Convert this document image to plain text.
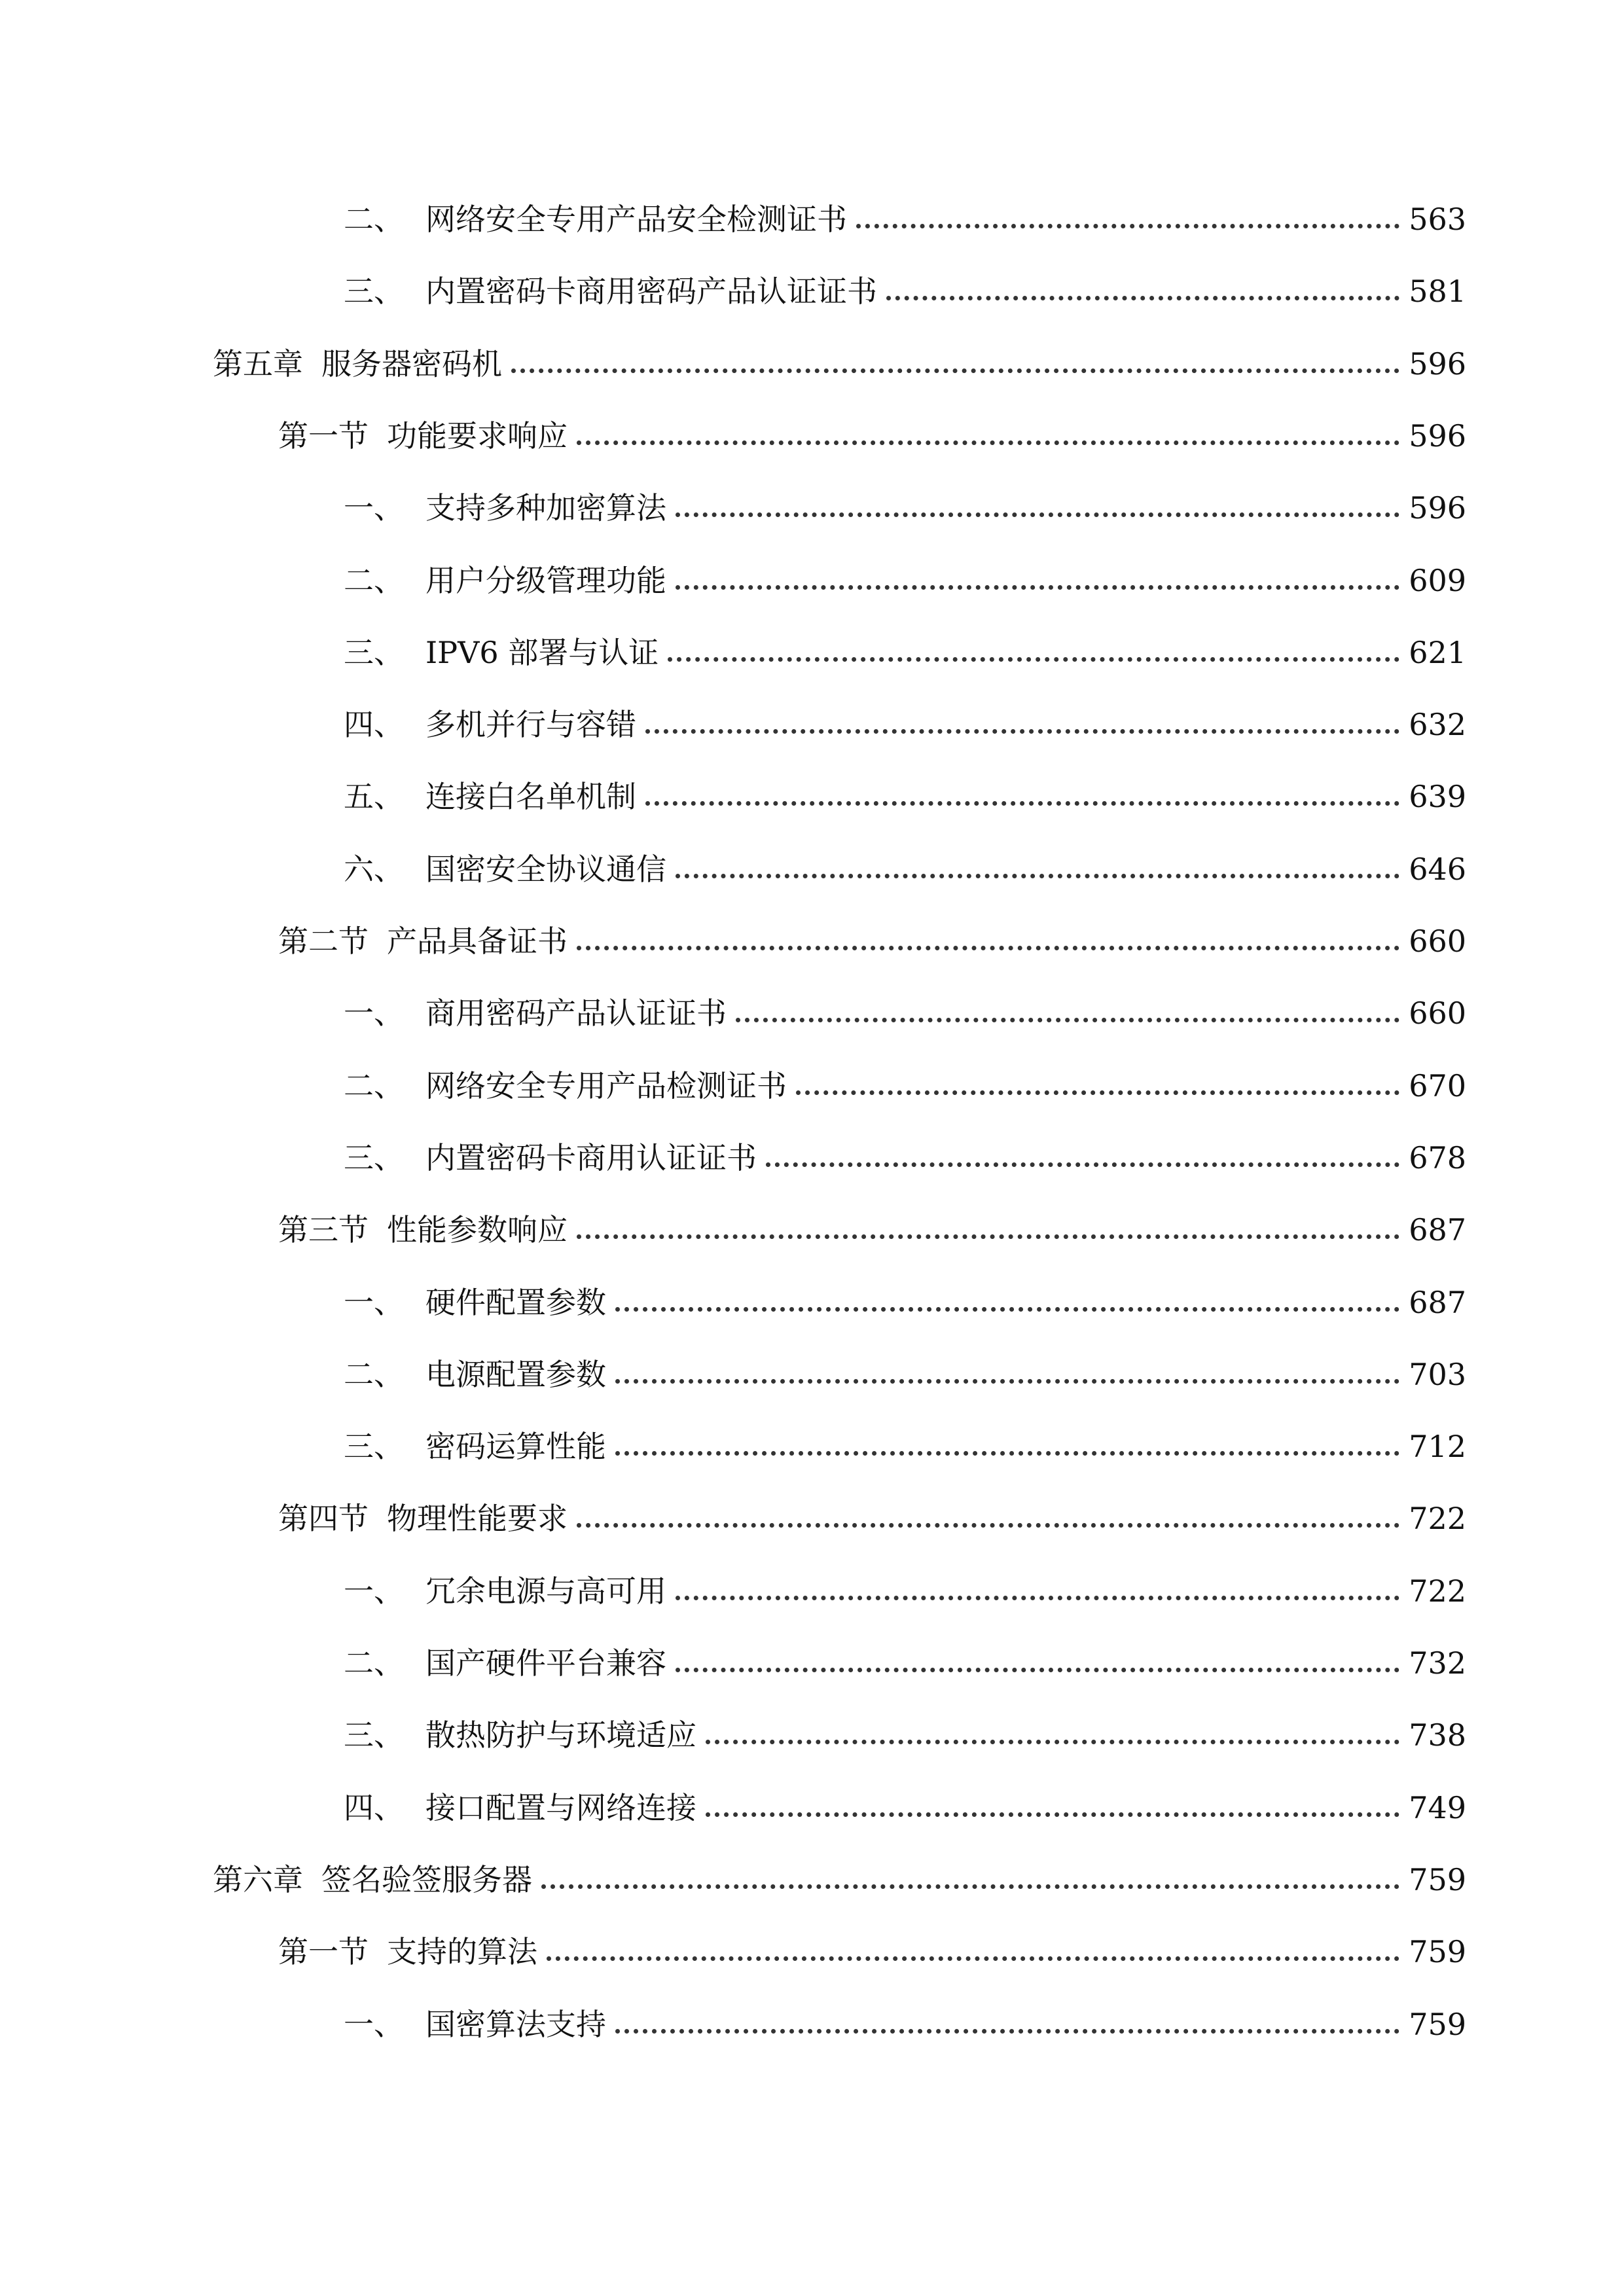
二、 网络安全专用产品安全检测证书	563
三、 内置密码卡商用密码产品认证证书	581
第五章 服务器密码机	596
第一节 功能要求响应	596
一、 支持多种加密算法	596
二、 用户分级管理功能	609
三、 IPV6 部署与认证	621
四、 多机并行与容错	632
五、 连接白名单机制	639
六、 国密安全协议通信	646
第二节 产品具备证书	660
一、 商用密码产品认证证书	660
二、 网络安全专用产品检测证书	670
三、 内置密码卡商用认证证书	678
第三节 性能参数响应	687
一、 硬件配置参数	687
二、 电源配置参数	703
三、 密码运算性能	712
第四节 物理性能要求	722
一、 冗余电源与高可用	722
二、 国产硬件平台兼容	732
三、 散热防护与环境适应	738
四、 接口配置与网络连接	749
第六章 签名验签服务器	759
第一节 支持的算法	759
一、 国密算法支持	759
